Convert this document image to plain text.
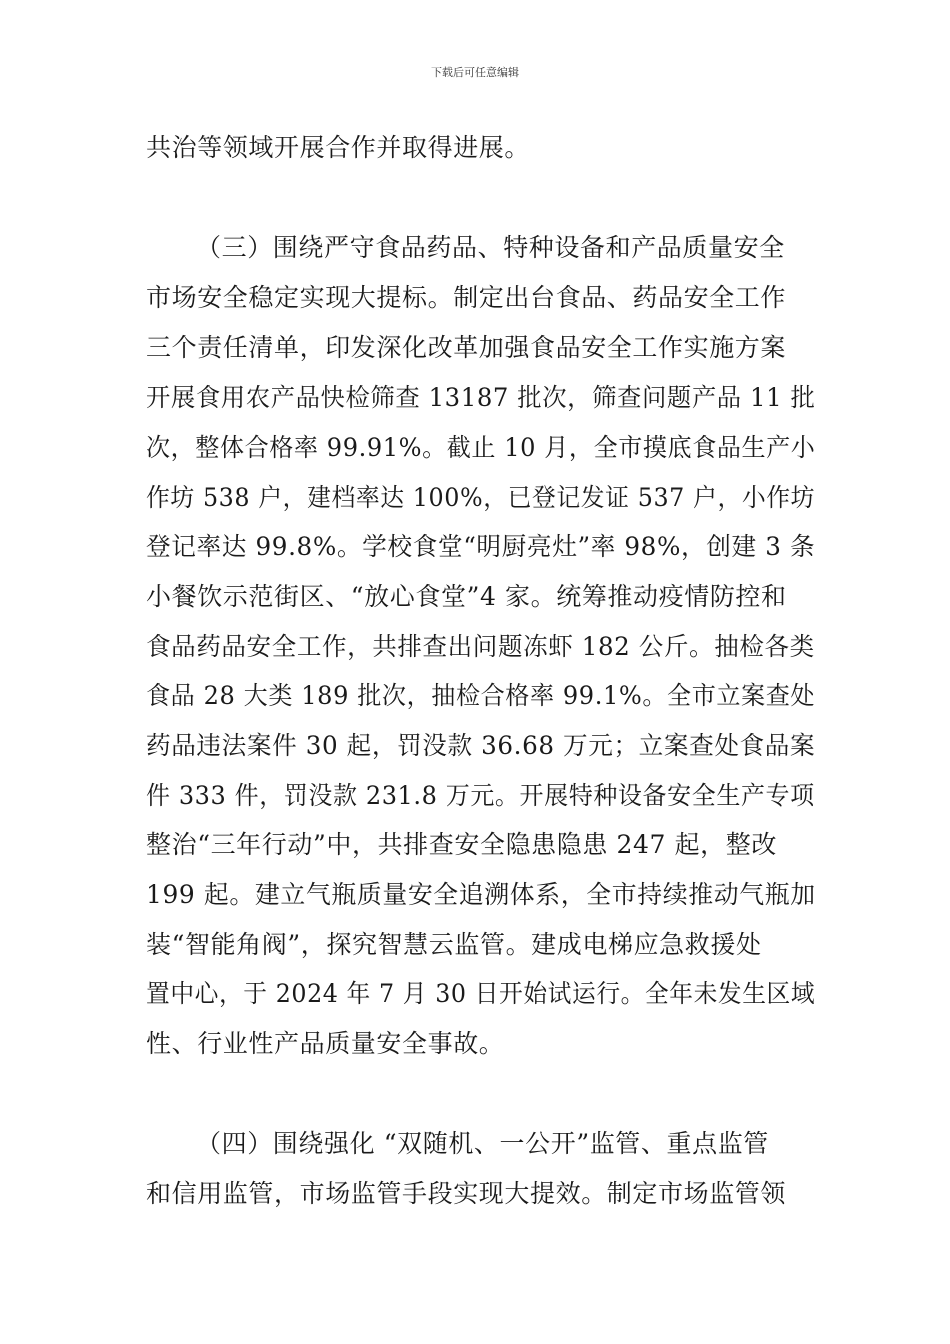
下载后可任意编辑
共治等领域开展合作并取得进展。
（三）围绕严守食品药品、特种设备和产品质量安全
市场安全稳定实现大提标。制定出台食品、药品安全工作
三个责任清单，印发深化改革加强食品安全工作实施方案
开展食用农产品快检筛查 13187 批次，筛查问题产品 11 批
次，整体合格率 99.91%。截止 10 月，全市摸底食品生产小
作坊 538 户，建档率达 100%，已登记发证 537 户，小作坊
登记率达 99.8%。学校食堂“明厨亮灶”率 98%，创建 3 条
小餐饮示范街区、“放心食堂”4 家。统筹推动疫情防控和
食品药品安全工作，共排查出问题冻虾 182 公斤。抽检各类
食品 28 大类 189 批次，抽检合格率 99.1%。全市立案查处
药品违法案件 30 起，罚没款 36.68 万元；立案查处食品案
件 333 件，罚没款 231.8 万元。开展特种设备安全生产专项
整治“三年行动”中，共排查安全隐患隐患 247 起，整改
199 起。建立气瓶质量安全追溯体系，全市持续推动气瓶加
装“智能角阀”，探究智慧云监管。建成电梯应急救援处
置中心，于 2024 年 7 月 30 日开始试运行。全年未发生区域
性、行业性产品质量安全事故。
（四）围绕强化 “双随机、一公开”监管、重点监管
和信用监管，市场监管手段实现大提效。制定市场监管领
